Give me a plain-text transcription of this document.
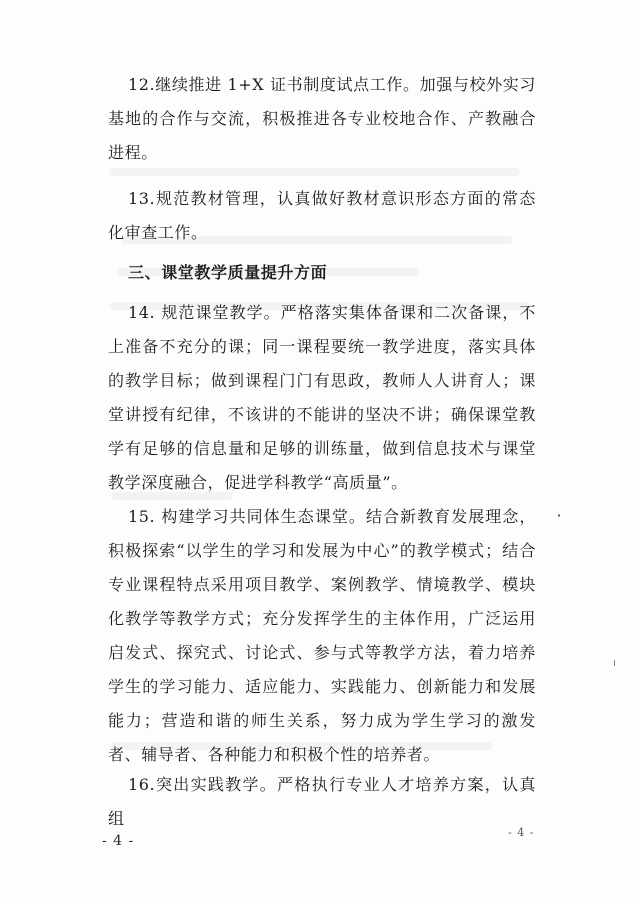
12.继续推进 1+X 证书制度试点工作。加强与校外实习基地的合作与交流，积极推进各专业校地合作、产教融合进程。

13.规范教材管理，认真做好教材意识形态方面的常态化审查工作。

三、课堂教学质量提升方面

14. 规范课堂教学。严格落实集体备课和二次备课，不上准备不充分的课；同一课程要统一教学进度，落实具体的教学目标；做到课程门门有思政，教师人人讲育人；课堂讲授有纪律，不该讲的不能讲的坚决不讲；确保课堂教学有足够的信息量和足够的训练量，做到信息技术与课堂教学深度融合，促进学科教学“高质量”。

15. 构建学习共同体生态课堂。结合新教育发展理念，积极探索“以学生的学习和发展为中心”的教学模式；结合专业课程特点采用项目教学、案例教学、情境教学、模块化教学等教学方式；充分发挥学生的主体作用，广泛运用启发式、探究式、讨论式、参与式等教学方法，着力培养学生的学习能力、适应能力、实践能力、创新能力和发展能力；营造和谐的师生关系，努力成为学生学习的激发者、辅导者、各种能力和积极个性的培养者。

16.突出实践教学。严格执行专业人才培养方案，认真组

- 4 -
- 4 -
